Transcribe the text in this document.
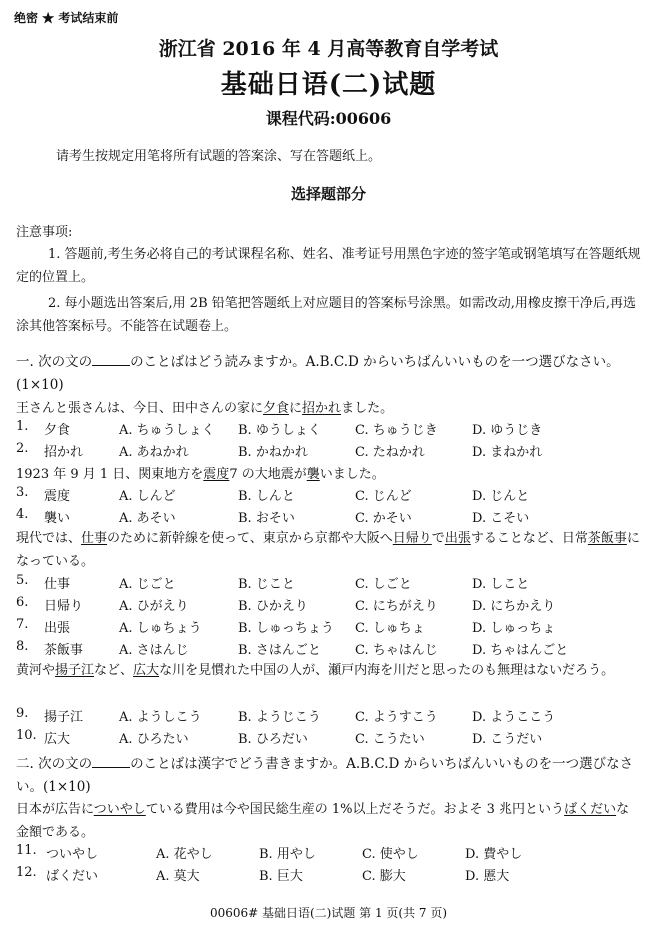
绝密 ★ 考试结束前
浙江省 2016 年 4 月高等教育自学考试
基础日语(二)试题
课程代码:00606
请考生按规定用笔将所有试题的答案涂、写在答题纸上。
选择题部分
注意事项:
1. 答题前,考生务必将自己的考试课程名称、姓名、准考证号用黑色字迹的签字笔或钢笔填写在答题纸规定的位置上。
2. 每小题选出答案后,用 2B 铅笔把答题纸上对应题目的答案标号涂黑。如需改动,用橡皮擦干净后,再选涂其他答案标号。不能答在试题卷上。
一. 次の文の	のことばはどう読みますか。A.B.C.D からいちばんいいものを一つ選びなさい。(1×10)
王さんと張さんは、今日、田中さんの家に夕食に招かれました。
1. 夕食	A. ちゅうしょく B. ゆうしょく	C. ちゅうじき	D. ゆうじき
2. 招かれ	A. あねかれ	B. かねかれ	C. たねかれ	D. まねかれ
1923 年 9 月 1 日、関東地方を震度7 の大地震が襲いました。
3. 震度	A. しんど	B. しんと	C. じんど	D. じんと
4. 襲い	A. あそい	B. おそい	C. かそい	D. こそい
現代では、仕事のために新幹線を使って、東京から京都や大阪へ日帰りで出張することなど、日常茶飯事になっている。
5. 仕事	A. じごと	B. じこと	C. しごと	D. しこと
6. 日帰り	A. ひがえり	B. ひかえり	C. にちがえり	D. にちかえり
7. 出張	A. しゅちょう	B. しゅっちょう C. しゅちょ	D. しゅっちょ
8. 茶飯事	A. さはんじ	B. さはんごと	C. ちゃはんじ	D. ちゃはんごと
黄河や揚子江など、広大な川を見慣れた中国の人が、瀬戸内海を川だと思ったのも無理はないだろう。
9. 揚子江	A. ようしこう	B. ようじこう	C. ようすこう	D. ようここう
10. 広大	A. ひろたい	B. ひろだい	C. こうたい	D. こうだい
二. 次の文の	のことばは漢字でどう書きますか。A.B.C.D からいちばんいいものを一つ選びなさい。(1×10)
日本が広告についやしている費用は今や国民総生産の 1%以上だそうだ。およそ 3 兆円というばくだいな金額である。
11. ついやし	A. 花やし	B. 用やし	C. 使やし	D. 費やし
12. ばくだい	A. 莫大	B. 巨大	C. 膨大	D. 慝大
00606# 基础日语(二)试题 第 1 页(共 7 页)
